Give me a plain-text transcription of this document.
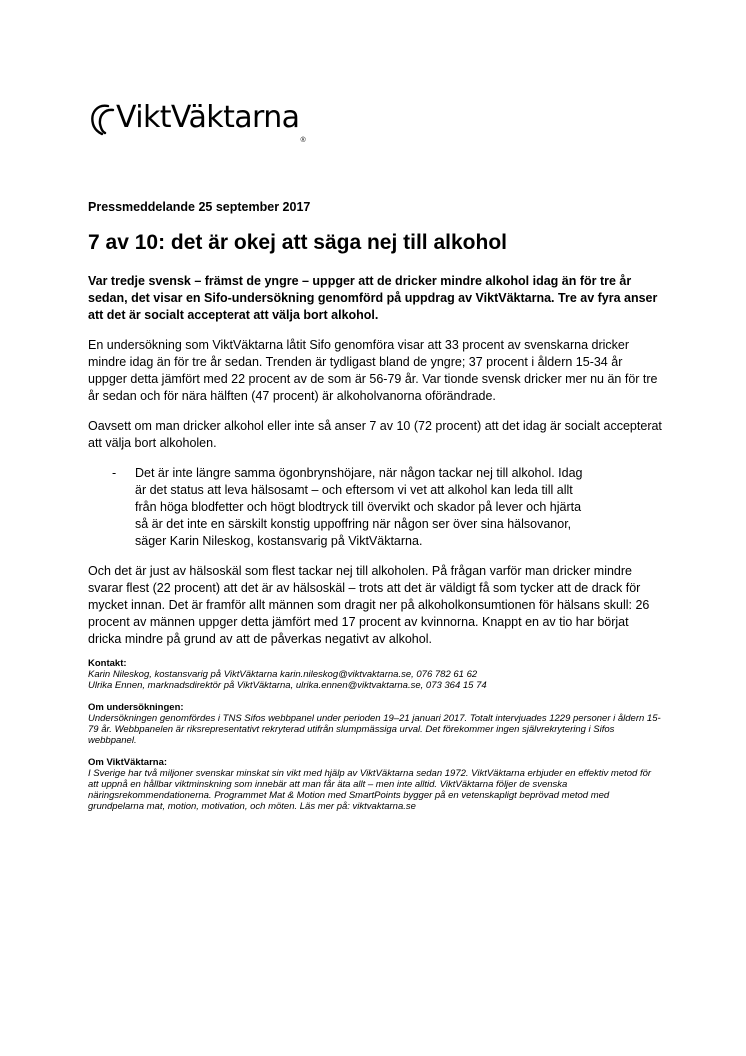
ViktVäktarna
®

Pressmeddelande 25 september 2017

7 av 10: det är okej att säga nej till alkohol

Var tredje svensk – främst de yngre – uppger att de dricker mindre alkohol idag än för tre år sedan, det visar en Sifo-undersökning genomförd på uppdrag av ViktVäktarna. Tre av fyra anser att det är socialt accepterat att välja bort alkohol.

En undersökning som ViktVäktarna låtit Sifo genomföra visar att 33 procent av svenskarna dricker mindre idag än för tre år sedan. Trenden är tydligast bland de yngre; 37 procent i åldern 15-34 år uppger detta jämfört med 22 procent av de som är 56-79 år. Var tionde svensk dricker mer nu än för tre år sedan och för nära hälften (47 procent) är alkoholvanorna oförändrade.

Oavsett om man dricker alkohol eller inte så anser 7 av 10 (72 procent) att det idag är socialt accepterat att välja bort alkoholen.

-	Det är inte längre samma ögonbrynshöjare, när någon tackar nej till alkohol. Idag är det status att leva hälsosamt – och eftersom vi vet att alkohol kan leda till allt från höga blodfetter och högt blodtryck till övervikt och skador på lever och hjärta så är det inte en särskilt konstig uppoffring när någon ser över sina hälsovanor, säger Karin Nileskog, kostansvarig på ViktVäktarna.

Och det är just av hälsoskäl som flest tackar nej till alkoholen. På frågan varför man dricker mindre svarar flest (22 procent) att det är av hälsoskäl – trots att det är väldigt få som tycker att de drack för mycket innan. Det är framför allt männen som dragit ner på alkoholkonsumtionen för hälsans skull: 26 procent av männen uppger detta jämfört med 17 procent av kvinnorna. Knappt en av tio har börjat dricka mindre på grund av att de påverkas negativt av alkohol.

Kontakt:

Karin Nileskog, kostansvarig på ViktVäktarna karin.nileskog@viktvaktarna.se, 076 782 61 62

Ulrika Ennen, marknadsdirektör på ViktVäktarna, ulrika.ennen@viktvaktarna.se, 073 364 15 74

Om undersökningen:

Undersökningen genomfördes i TNS Sifos webbpanel under perioden 19–21 januari 2017. Totalt intervjuades 1229 personer i åldern 15-79 år. Webbpanelen är riksrepresentativt rekryterad utifrån slumpmässiga urval. Det förekommer ingen självrekrytering i Sifos webbpanel.

Om ViktVäktarna:

I Sverige har två miljoner svenskar minskat sin vikt med hjälp av ViktVäktarna sedan 1972. ViktVäktarna erbjuder en effektiv metod för att uppnå en hållbar viktminskning som innebär att man får äta allt – men inte alltid. ViktVäktarna följer de svenska näringsrekommendationerna. Programmet Mat & Motion med SmartPoints bygger på en vetenskapligt beprövad metod med grundpelarna mat, motion, motivation, och möten. Läs mer på: viktvaktarna.se
